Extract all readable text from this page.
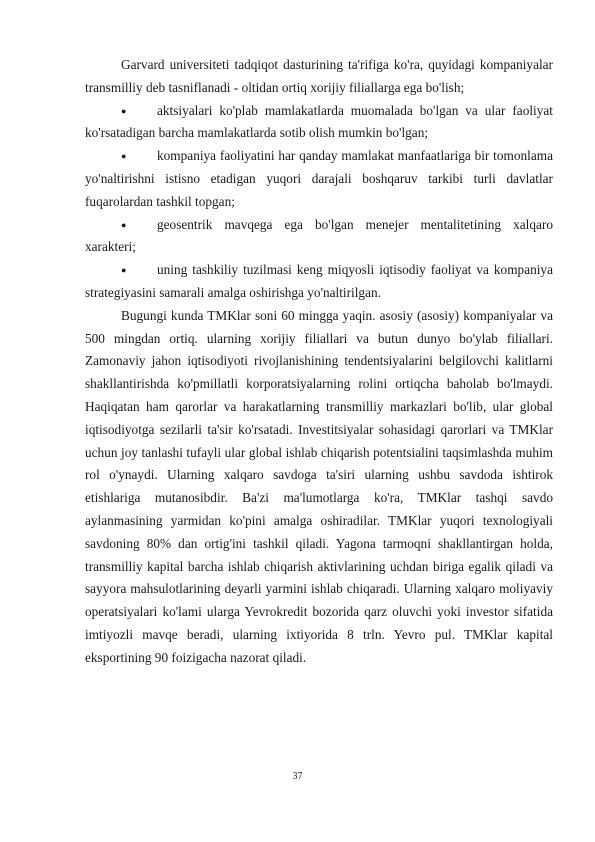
Garvard universiteti tadqiqot dasturining ta'rifiga ko'ra, quyidagi kompaniyalar transmilliy deb tasniflanadi - oltidan ortiq xorijiy filiallarga ega bo'lish;

● aktsiyalari ko'plab mamlakatlarda muomalada bo'lgan va ular faoliyat ko'rsatadigan barcha mamlakatlarda sotib olish mumkin bo'lgan;

● kompaniya faoliyatini har qanday mamlakat manfaatlariga bir tomonlama yo'naltirishni istisno etadigan yuqori darajali boshqaruv tarkibi turli davlatlar fuqarolardan tashkil topgan;

● geosentrik mavqega ega bo'lgan menejer mentalitetining xalqaro xarakteri;

● uning tashkiliy tuzilmasi keng miqyosli iqtisodiy faoliyat va kompaniya strategiyasini samarali amalga oshirishga yo'naltirilgan.

Bugungi kunda TMKlar soni 60 mingga yaqin. asosiy (asosiy) kompaniyalar va 500 mingdan ortiq. ularning xorijiy filiallari va butun dunyo bo'ylab filiallari. Zamonaviy jahon iqtisodiyoti rivojlanishining tendentsiyalarini belgilovchi kalitlarni shakllantirishda ko'pmillatli korporatsiyalarning rolini ortiqcha baholab bo'lmaydi. Haqiqatan ham qarorlar va harakatlarning transmilliy markazlari bo'lib, ular global iqtisodiyotga sezilarli ta'sir ko'rsatadi. Investitsiyalar sohasidagi qarorlari va TMKlar uchun joy tanlashi tufayli ular global ishlab chiqarish potentsialini taqsimlashda muhim rol o'ynaydi. Ularning xalqaro savdoga ta'siri ularning ushbu savdoda ishtirok etishlariga mutanosibdir. Ba'zi ma'lumotlarga ko'ra, TMKlar tashqi savdo aylanmasining yarmidan ko'pini amalga oshiradilar. TMKlar yuqori texnologiyali savdoning 80% dan ortig'ini tashkil qiladi. Yagona tarmoqni shakllantirgan holda, transmilliy kapital barcha ishlab chiqarish aktivlarining uchdan biriga egalik qiladi va sayyora mahsulotlarining deyarli yarmini ishlab chiqaradi. Ularning xalqaro moliyaviy operatsiyalari ko'lami ularga Yevrokredit bozorida qarz oluvchi yoki investor sifatida imtiyozli mavqe beradi, ularning ixtiyorida 8 trln. Yevro pul. TMKlar kapital eksportining 90 foizigacha nazorat qiladi.

37
